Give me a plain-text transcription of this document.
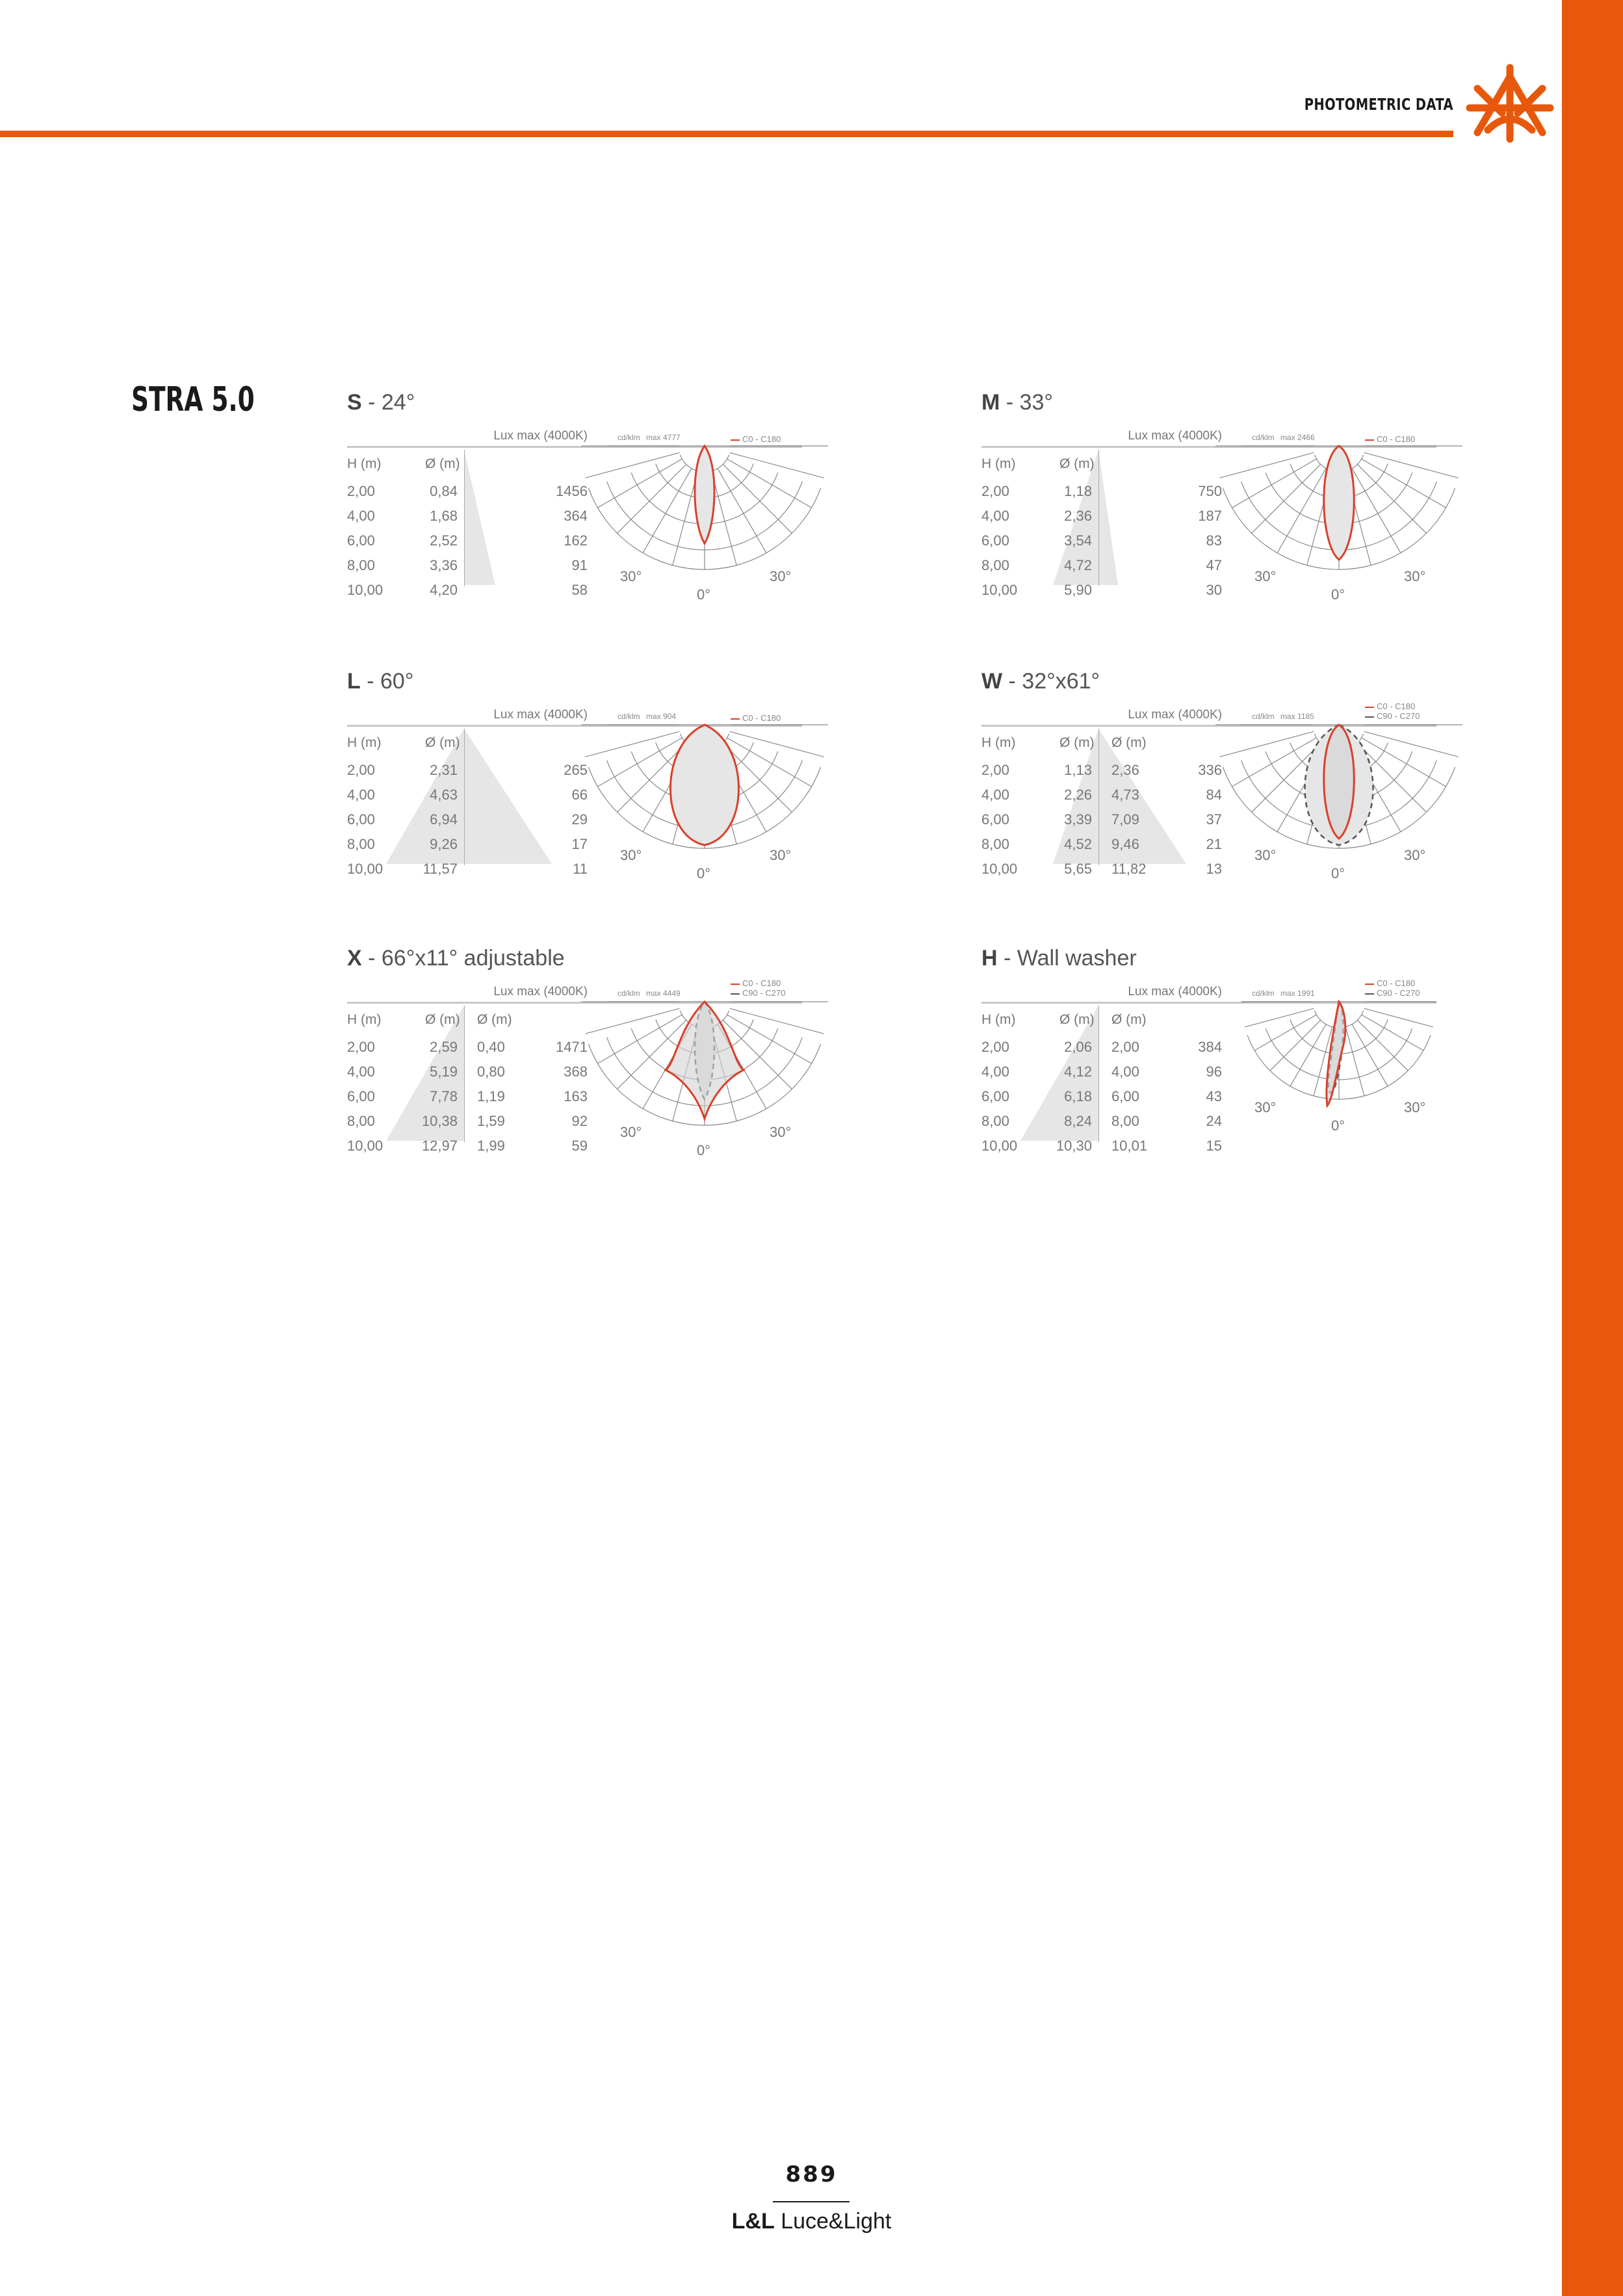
PHOTOMETRIC DATA
STRA 5.0	S - 24°
Lux max (4000K)
H (m)	Ø (m)
2,00	0,84	1456
4,00	1,68	364
6,00	2,52	162
8,00	3,36	91
10,00	4,20	58
cd/klm max 4777	C0 - C180
30°	30°
0°
M - 33°
Lux max (4000K)
H (m)	Ø (m)
2,00	1,18	750
4,00	2,36	187
6,00	3,54	83
8,00	4,72	47
10,00	5,90	30
cd/klm max 2466	C0 - C180
30°	30°
0°
L - 60°
Lux max (4000K)
H (m)	Ø (m)
2,00	2,31	265
4,00	4,63	66
6,00	6,94	29
8,00	9,26	17
10,00	11,57	11
cd/klm max 904	C0 - C180
30°	30°
0°
W - 32°x61°
Lux max (4000K)
H (m)	Ø (m) Ø (m)
2,00	1,13 2,36	336
4,00	2,26 4,73	84
6,00	3,39 7,09	37
8,00	4,52 9,46	21
10,00	5,65 11,82	13
cd/klm max 1185
C0 - C180
C90 - C270
30°	30°
0°
X - 66°x11° adjustable
Lux max (4000K)
H (m)	Ø (m) Ø (m)
2,00	2,59 0,40	1471
4,00	5,19 0,80	368
6,00	7,78 1,19	163
8,00	10,38 1,59	92
10,00	12,97 1,99	59
cd/klm max 4449
C0 - C180
C90 - C270
30°	30°
0°
H - Wall washer
Lux max (4000K)
H (m)	Ø (m) Ø (m)
2,00	2,06 2,00	384
4,00	4,12 4,00	96
6,00	6,18 6,00	43
8,00	8,24 8,00	24
10,00	10,30 10,01	15
cd/klm max 1991
C0 - C180
C90 - C270
30°	30°
0°
889
L&L Luce&Light
